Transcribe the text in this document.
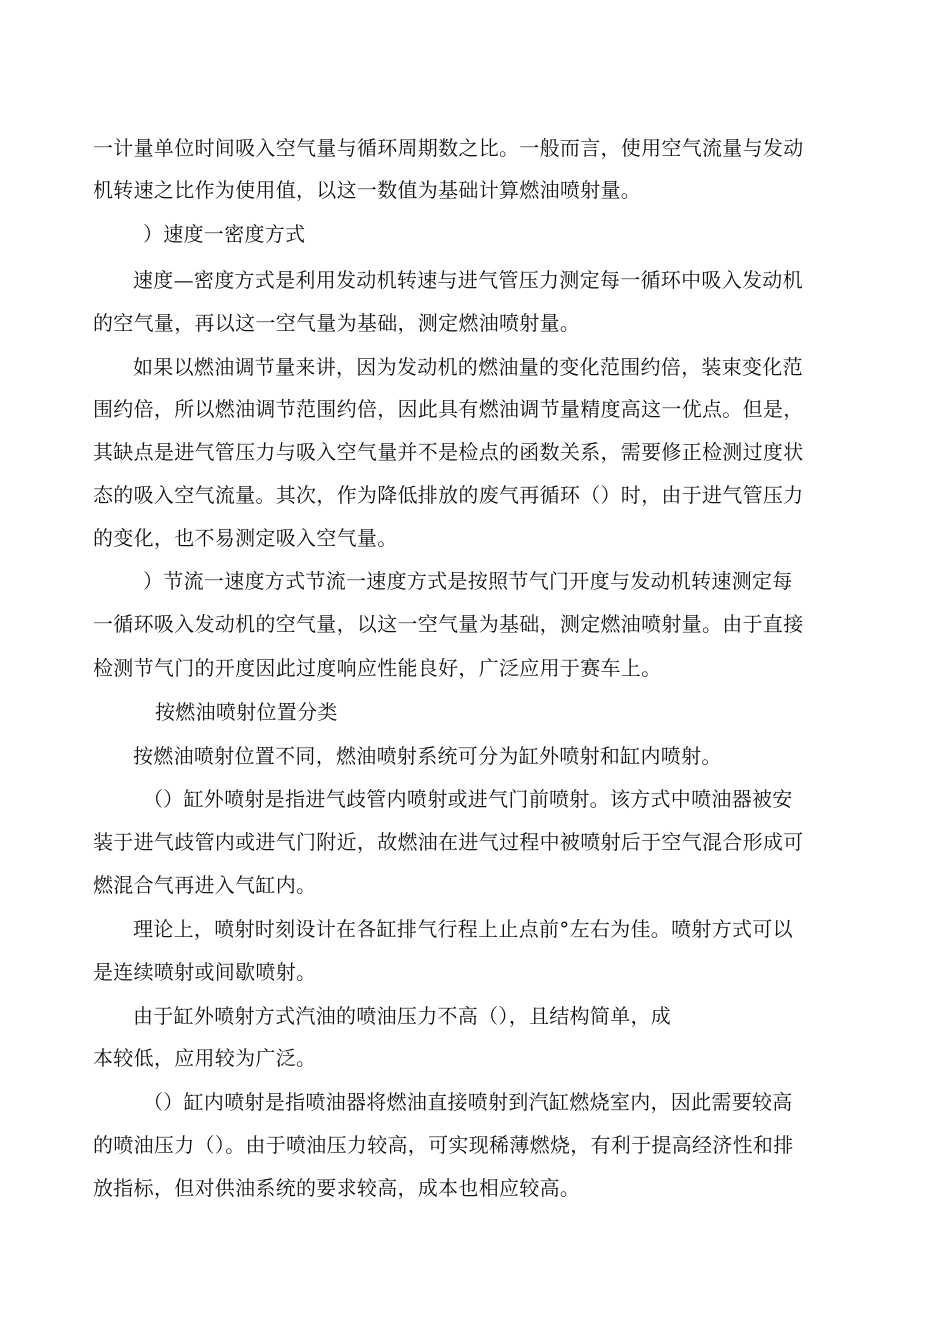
一计量单位时间吸入空气量与循环周期数之比。一般而言，使用空气流量与发动
机转速之比作为使用值，以这一数值为基础计算燃油喷射量。
）速度一密度方式
速度—密度方式是利用发动机转速与进气管压力测定每一循环中吸入发动机
的空气量，再以这一空气量为基础，测定燃油喷射量。
如果以燃油调节量来讲，因为发动机的燃油量的变化范围约倍，装束变化范
围约倍，所以燃油调节范围约倍，因此具有燃油调节量精度高这一优点。但是，
其缺点是进气管压力与吸入空气量并不是检点的函数关系，需要修正检测过度状
态的吸入空气流量。其次，作为降低排放的废气再循环（）时，由于进气管压力
的变化，也不易测定吸入空气量。
）节流一速度方式节流一速度方式是按照节气门开度与发动机转速测定每
一循环吸入发动机的空气量，以这一空气量为基础，测定燃油喷射量。由于直接
检测节气门的开度因此过度响应性能良好，广泛应用于赛车上。
按燃油喷射位置分类
按燃油喷射位置不同，燃油喷射系统可分为缸外喷射和缸内喷射。
（）缸外喷射是指进气歧管内喷射或进气门前喷射。该方式中喷油器被安
装于进气歧管内或进气门附近，故燃油在进气过程中被喷射后于空气混合形成可
燃混合气再进入气缸内。
理论上，喷射时刻设计在各缸排气行程上止点前°左右为佳。喷射方式可以
是连续喷射或间歇喷射。
由于缸外喷射方式汽油的喷油压力不高（），且结构简单，成
本较低，应用较为广泛。
（）缸内喷射是指喷油器将燃油直接喷射到汽缸燃烧室内，因此需要较高
的喷油压力（）。由于喷油压力较高，可实现稀薄燃烧，有利于提高经济性和排
放指标，但对供油系统的要求较高，成本也相应较高。
